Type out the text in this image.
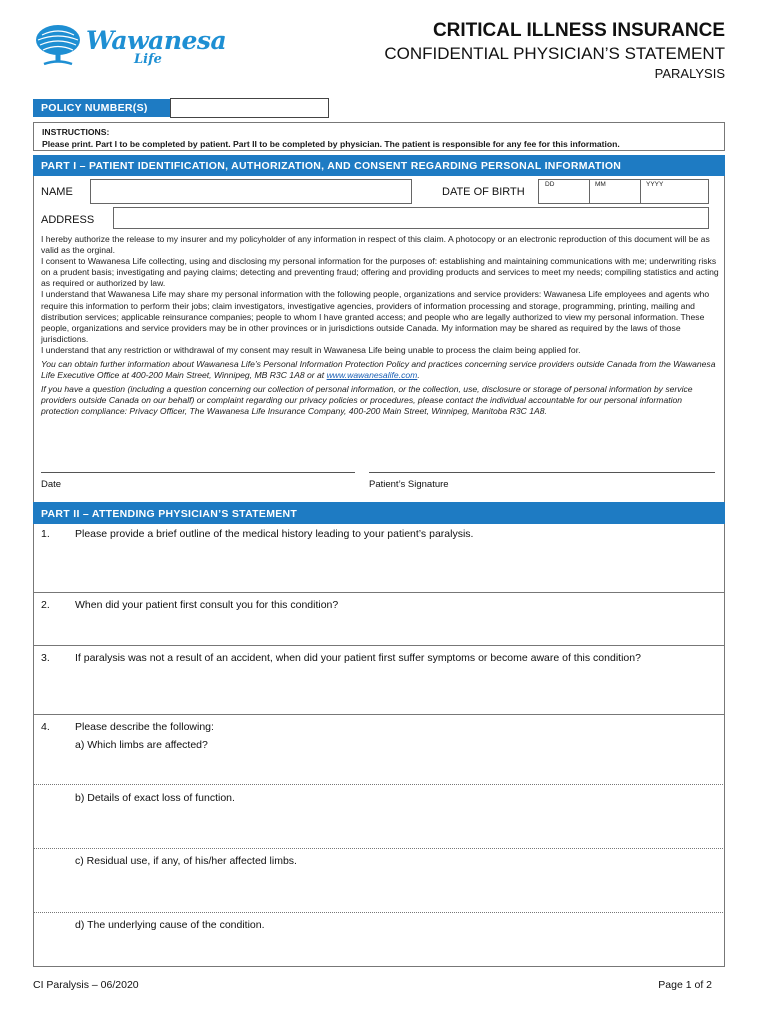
Wawanesa
Life
CRITICAL ILLNESS INSURANCE
CONFIDENTIAL PHYSICIAN’S STATEMENT
PARALYSIS
POLICY NUMBER(S)
INSTRUCTIONS:
Please print. Part I to be completed by patient. Part II to be completed by physician. The patient is responsible for any fee for this information.
PART I – PATIENT IDENTIFICATION, AUTHORIZATION, AND CONSENT REGARDING PERSONAL INFORMATION
NAME	DATE OF BIRTH
DD	MM	YYYY
ADDRESS

I hereby authorize the release to my insurer and my policyholder of any information in respect of this claim. A photocopy or an electronic reproduction of this document will be as valid as the orginal.

I consent to Wawanesa Life collecting, using and disclosing my personal information for the purposes of: establishing and maintaining communications with me; underwriting risks on a prudent basis; investigating and paying claims; detecting and preventing fraud; offering and providing products and services to meet my needs; compiling statistics and acting as required or authorized by law.

I understand that Wawanesa Life may share my personal information with the following people, organizations and service providers: Wawanesa Life employees and agents who require this information to perform their jobs; claim investigators, investigative agencies, providers of information processing and storage, programming, printing, mailing and distribution services; applicable reinsurance companies; people to whom I have granted access; and people who are legally authorized to view my personal information. These people, organizations and service providers may be in other provinces or in jurisdictions outside Canada. My information may be shared as required by the laws of those jurisdictions.

I understand that any restriction or withdrawal of my consent may result in Wawanesa Life being unable to process the claim being applied for.

You can obtain further information about Wawanesa Life’s Personal Information Protection Policy and practices concerning service providers outside Canada from the Wawanesa Life Executive Office at 400-200 Main Street, Winnipeg, MB R3C 1A8 or at www.wawanesalife.com.

If you have a question (including a question concerning our collection of personal information, or the collection, use, disclosure or storage of personal information by service providers outside Canada on our behalf) or complaint regarding our privacy policies or procedures, please contact the individual accountable for our personal information protection compliance: Privacy Officer, The Wawanesa Life Insurance Company, 400-200 Main Street, Winnipeg, Manitoba R3C 1A8.

Date	Patient’s Signature
PART II – ATTENDING PHYSICIAN’S STATEMENT
1. Please provide a brief outline of the medical history leading to your patient’s paralysis.
2. When did your patient first consult you for this condition?
3. If paralysis was not a result of an accident, when did your patient first suffer symptoms or become aware of this condition?
4. Please describe the following:
a) Which limbs are affected?
b) Details of exact loss of function.
c) Residual use, if any, of his/her affected limbs.
d) The underlying cause of the condition.
CI Paralysis – 06/2020	Page 1 of 2
